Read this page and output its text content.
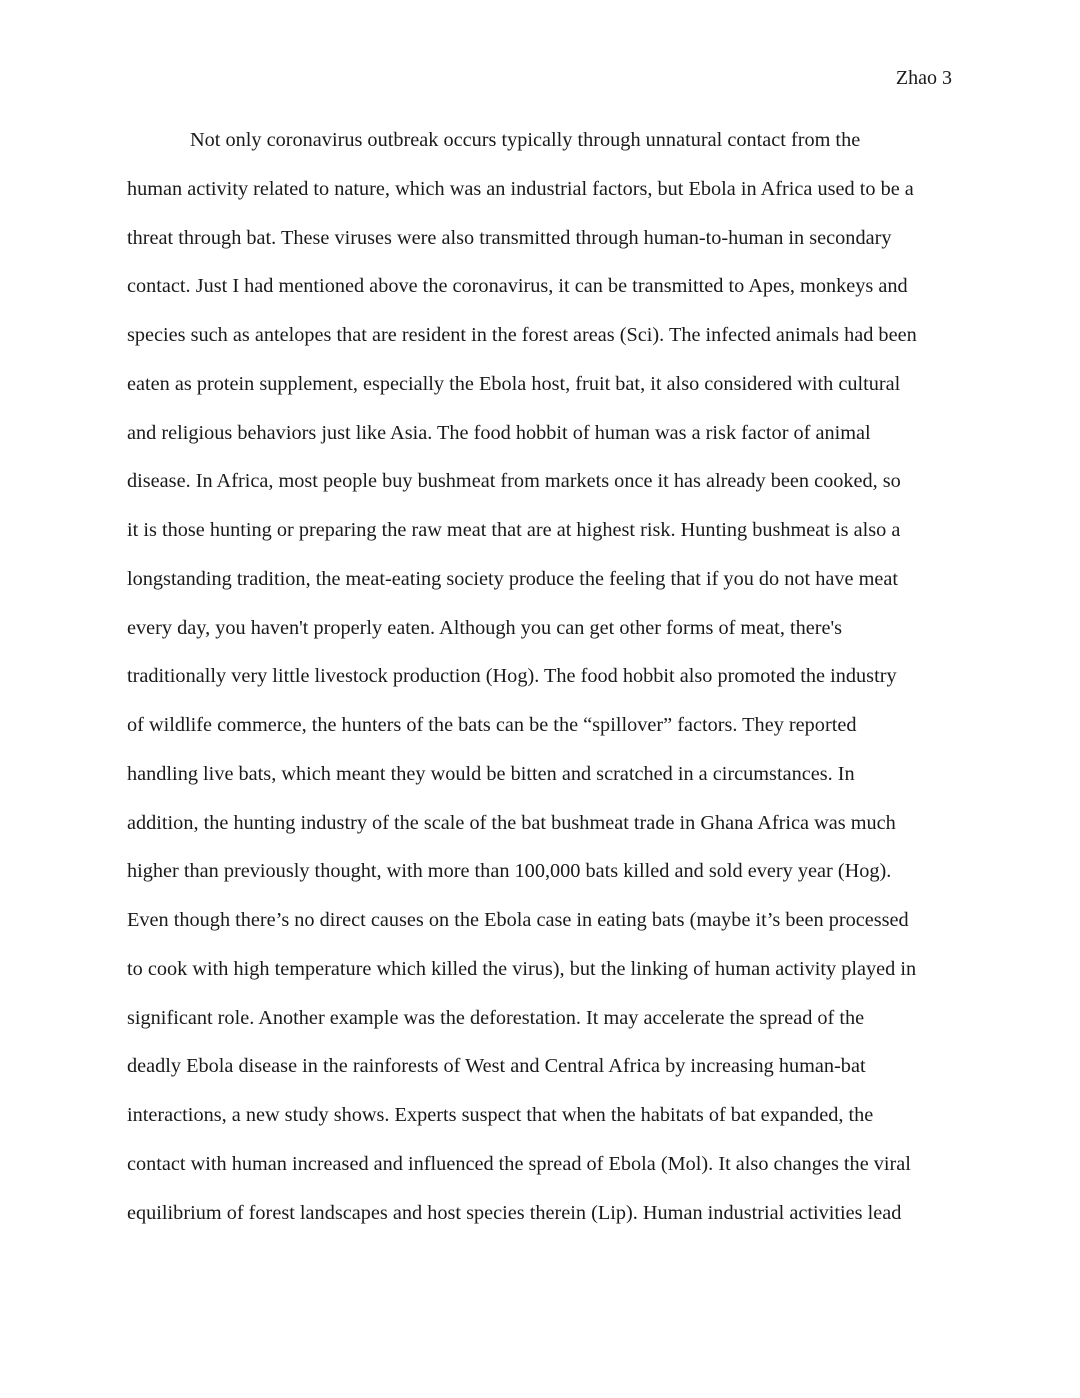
Zhao 3
Not only coronavirus outbreak occurs typically through unnatural contact from the
human activity related to nature, which was an industrial factors, but Ebola in Africa used to be a
threat through bat. These viruses were also transmitted through human-to-human in secondary
contact. Just I had mentioned above the coronavirus, it can be transmitted to Apes, monkeys and
species such as antelopes that are resident in the forest areas (Sci). The infected animals had been
eaten as protein supplement, especially the Ebola host, fruit bat, it also considered with cultural
and religious behaviors just like Asia. The food hobbit of human was a risk factor of animal
disease. In Africa, most people buy bushmeat from markets once it has already been cooked, so
it is those hunting or preparing the raw meat that are at highest risk. Hunting bushmeat is also a
longstanding tradition, the meat-eating society produce the feeling that if you do not have meat
every day, you haven't properly eaten. Although you can get other forms of meat, there's
traditionally very little livestock production (Hog). The food hobbit also promoted the industry
of wildlife commerce, the hunters of the bats can be the “spillover” factors. They reported
handling live bats, which meant they would be bitten and scratched in a circumstances. In
addition, the hunting industry of the scale of the bat bushmeat trade in Ghana Africa was much
higher than previously thought, with more than 100,000 bats killed and sold every year (Hog).
Even though there’s no direct causes on the Ebola case in eating bats (maybe it’s been processed
to cook with high temperature which killed the virus), but the linking of human activity played in
significant role. Another example was the deforestation. It may accelerate the spread of the
deadly Ebola disease in the rainforests of West and Central Africa by increasing human-bat
interactions, a new study shows. Experts suspect that when the habitats of bat expanded, the
contact with human increased and influenced the spread of Ebola (Mol). It also changes the viral
equilibrium of forest landscapes and host species therein (Lip). Human industrial activities lead
